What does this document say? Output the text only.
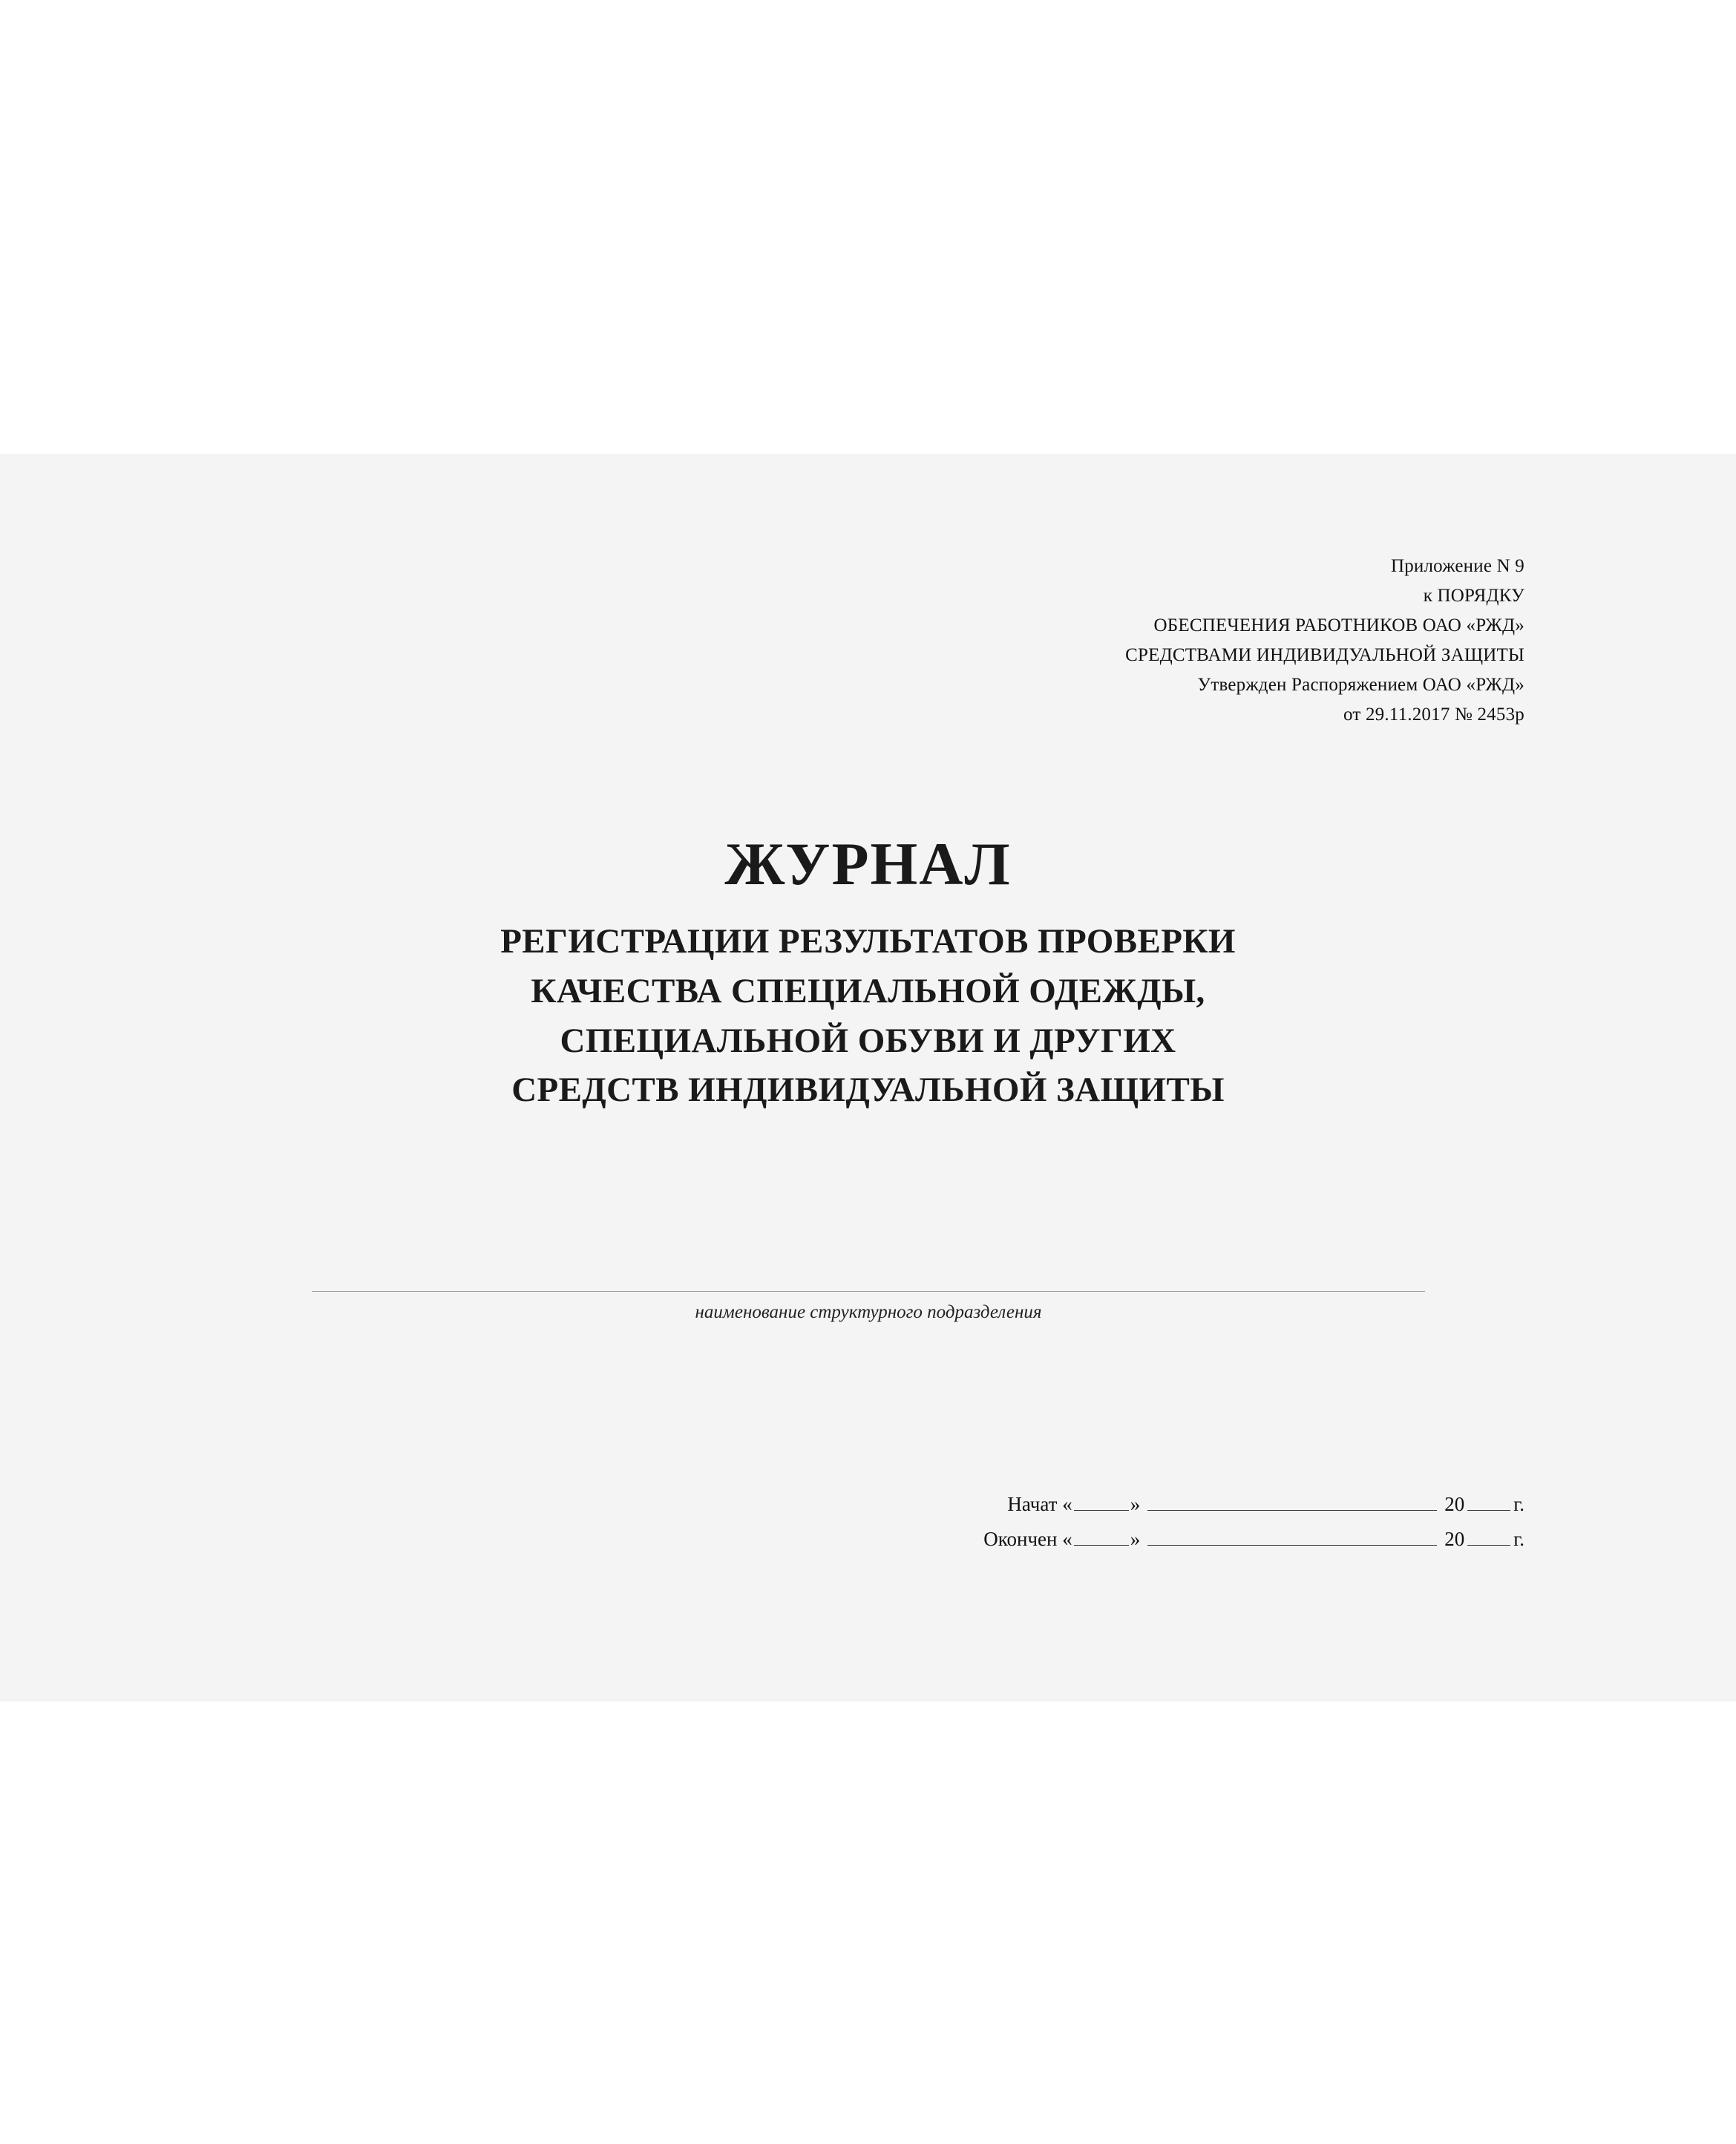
Приложение N 9
к ПОРЯДКУ
ОБЕСПЕЧЕНИЯ РАБОТНИКОВ ОАО «РЖД»
СРЕДСТВАМИ ИНДИВИДУАЛЬНОЙ ЗАЩИТЫ
Утвержден Распоряжением ОАО «РЖД»
от 29.11.2017 № 2453р
ЖУРНАЛ
РЕГИСТРАЦИИ РЕЗУЛЬТАТОВ ПРОВЕРКИ
КАЧЕСТВА СПЕЦИАЛЬНОЙ ОДЕЖДЫ,
СПЕЦИАЛЬНОЙ ОБУВИ И ДРУГИХ
СРЕДСТВ ИНДИВИДУАЛЬНОЙ ЗАЩИТЫ
наименование структурного подразделения
Начат «	»	20 г.
Окончен «	»	20 г.
